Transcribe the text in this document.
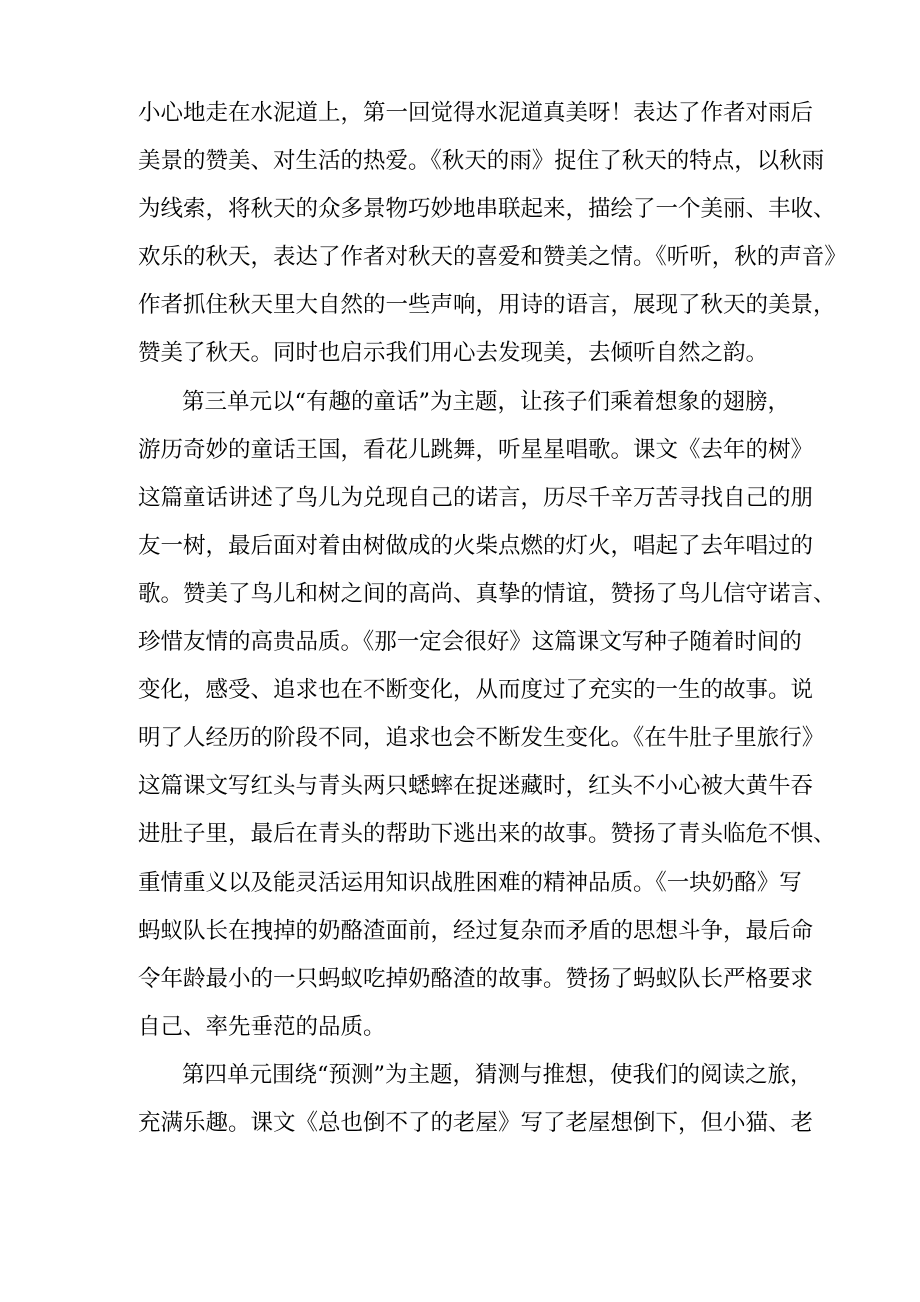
小心地走在水泥道上，第一回觉得水泥道真美呀！表达了作者对雨后
美景的赞美、对生活的热爱。《秋天的雨》捉住了秋天的特点，以秋雨
为线索，将秋天的众多景物巧妙地串联起来，描绘了一个美丽、丰收、
欢乐的秋天，表达了作者对秋天的喜爱和赞美之情。《听听，秋的声音》
作者抓住秋天里大自然的一些声响，用诗的语言，展现了秋天的美景，
赞美了秋天。同时也启示我们用心去发现美，去倾听自然之韵。
第三单元以“有趣的童话”为主题，让孩子们乘着想象的翅膀，
游历奇妙的童话王国，看花儿跳舞，听星星唱歌。课文《去年的树》
这篇童话讲述了鸟儿为兑现自己的诺言，历尽千辛万苦寻找自己的朋
友一树，最后面对着由树做成的火柴点燃的灯火，唱起了去年唱过的
歌。赞美了鸟儿和树之间的高尚、真挚的情谊，赞扬了鸟儿信守诺言、
珍惜友情的高贵品质。《那一定会很好》这篇课文写种子随着时间的
变化，感受、追求也在不断变化，从而度过了充实的一生的故事。说
明了人经历的阶段不同，追求也会不断发生变化。《在牛肚子里旅行》
这篇课文写红头与青头两只蟋蟀在捉迷藏时，红头不小心被大黄牛吞
进肚子里，最后在青头的帮助下逃出来的故事。赞扬了青头临危不惧、
重情重义以及能灵活运用知识战胜困难的精神品质。《一块奶酪》写
蚂蚁队长在拽掉的奶酪渣面前，经过复杂而矛盾的思想斗争，最后命
令年龄最小的一只蚂蚁吃掉奶酪渣的故事。赞扬了蚂蚁队长严格要求
自己、率先垂范的品质。
第四单元围绕“预测”为主题，猜测与推想，使我们的阅读之旅，
充满乐趣。课文《总也倒不了的老屋》写了老屋想倒下，但小猫、老
